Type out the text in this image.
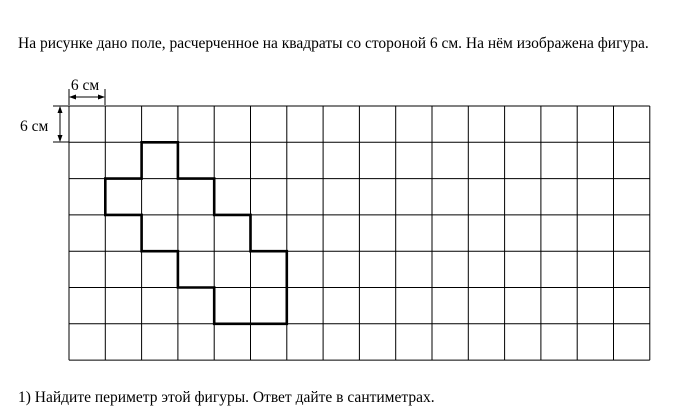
На рисунке дано поле, расчерченное на квадраты со стороной 6 см. На нём изображена фигура.

6 см
6 см

1) Найдите периметр этой фигуры. Ответ дайте в сантиметрах.
